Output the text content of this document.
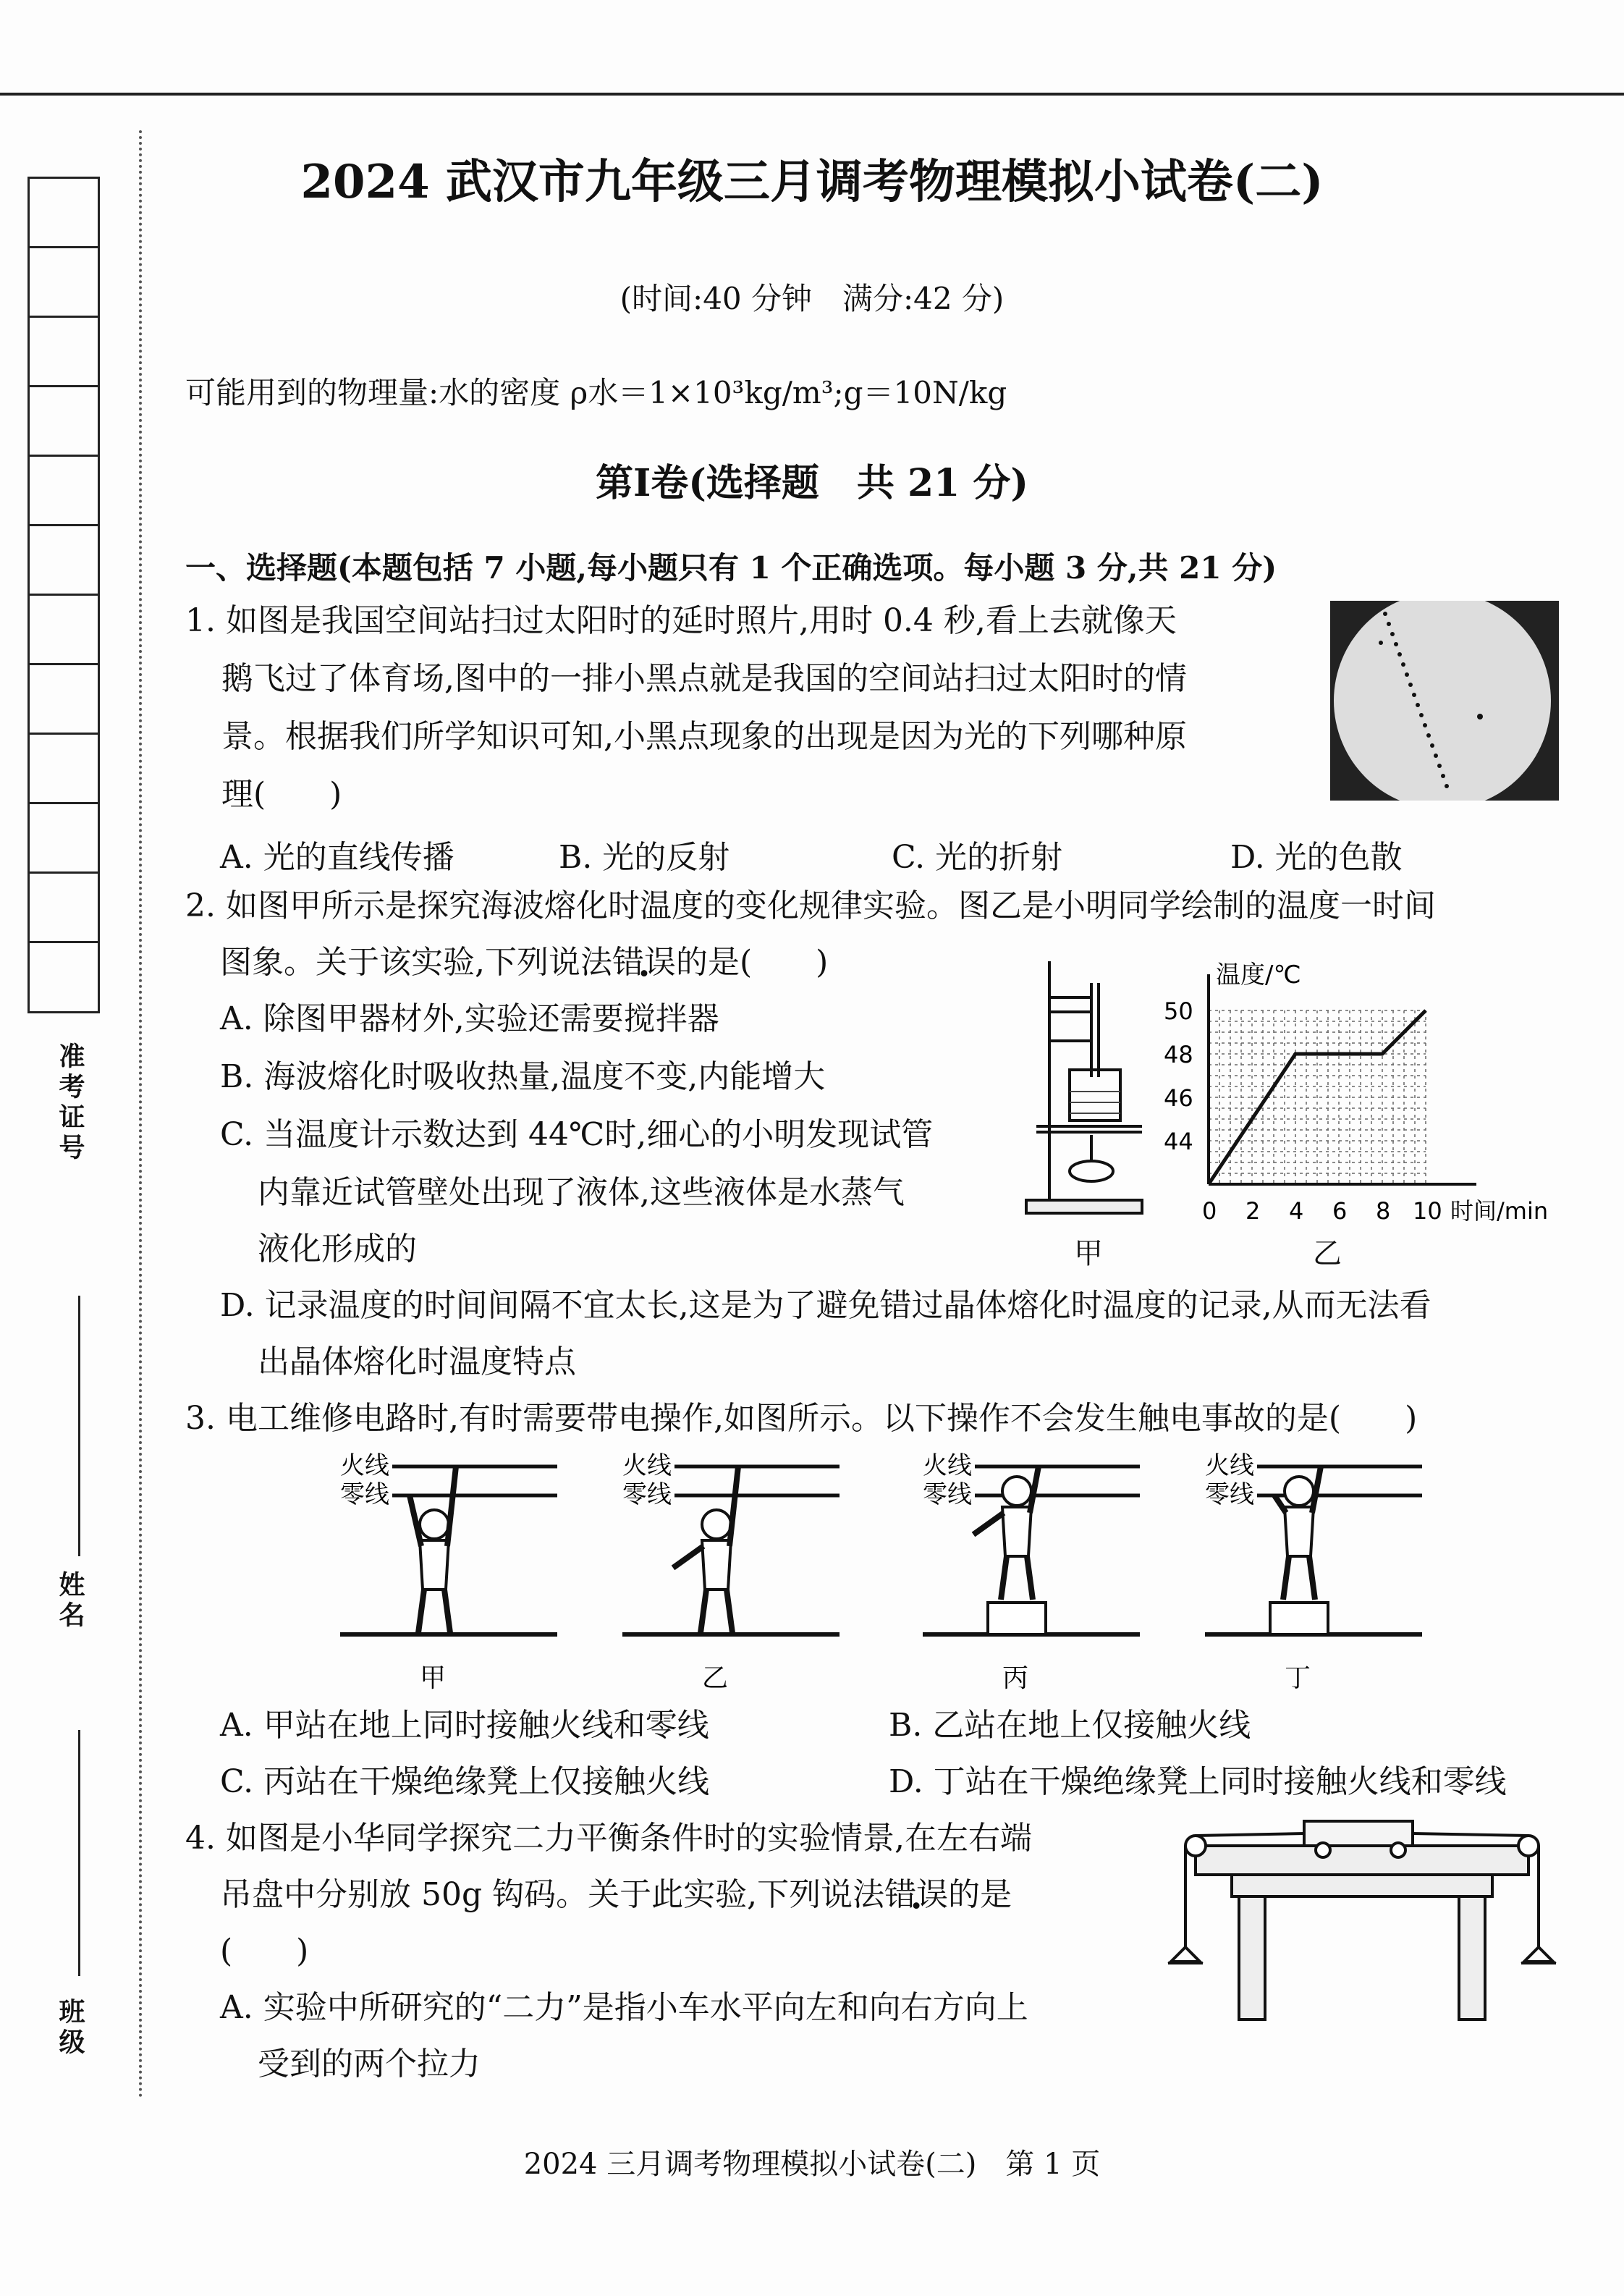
准考证号
姓名
班级
2024 武汉市九年级三月调考物理模拟小试卷(二)
(时间:40 分钟　满分:42 分)
可能用到的物理量:水的密度 ρ水＝1×10³kg/m³;g＝10N/kg
第Ⅰ卷(选择题　共 21 分)
一、选择题(本题包括 7 小题,每小题只有 1 个正确选项。每小题 3 分,共 21 分)
1. 如图是我国空间站扫过太阳时的延时照片,用时 0.4 秒,看上去就像天
鹅飞过了体育场,图中的一排小黑点就是我国的空间站扫过太阳时的情
景。根据我们所学知识可知,小黑点现象的出现是因为光的下列哪种原
理(　　)
A. 光的直线传播	B. 光的反射	C. 光的折射	D. 光的色散
2. 如图甲所示是探究海波熔化时温度的变化规律实验。图乙是小明同学绘制的温度一时间
图象。关于该实验,下列说法错误的是(　　)
A. 除图甲器材外,实验还需要搅拌器
B. 海波熔化时吸收热量,温度不变,内能增大
C. 当温度计示数达到 44℃时,细心的小明发现试管
内靠近试管壁处出现了液体,这些液体是水蒸气
液化形成的
D. 记录温度的时间间隔不宜太长,这是为了避免错过晶体熔化时温度的记录,从而无法看
出晶体熔化时温度特点
甲
温度/℃
时间/min
50
48
46
44
0 2 4 6 8 10
乙
3. 电工维修电路时,有时需要带电操作,如图所示。以下操作不会发生触电事故的是(　　)
火线
零线
甲
火线
零线
乙
火线
零线
丙
火线
零线
丁
A. 甲站在地上同时接触火线和零线	B. 乙站在地上仅接触火线
C. 丙站在干燥绝缘凳上仅接触火线	D. 丁站在干燥绝缘凳上同时接触火线和零线
4. 如图是小华同学探究二力平衡条件时的实验情景,在左右端
吊盘中分别放 50g 钩码。关于此实验,下列说法错误的是
(　　)
A. 实验中所研究的“二力”是指小车水平向左和向右方向上
受到的两个拉力
2024 三月调考物理模拟小试卷(二)　第 1 页
